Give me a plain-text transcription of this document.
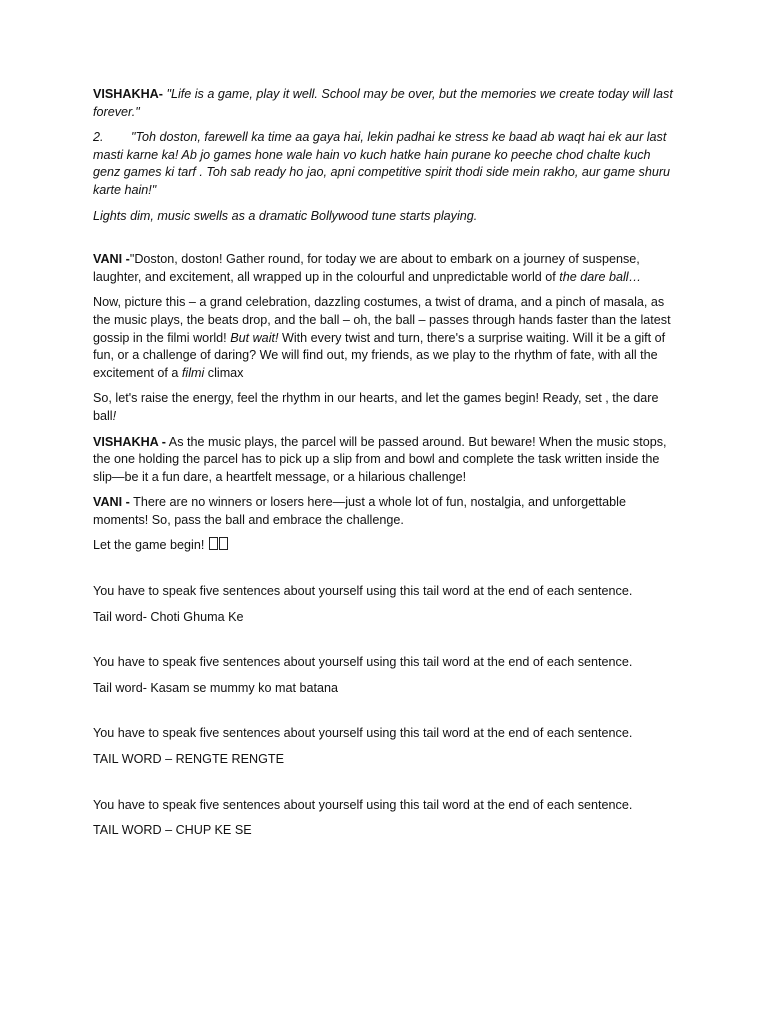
VISHAKHA- "Life is a game, play it well. School may be over, but the memories we create today will last forever."

2. "Toh doston, farewell ka time aa gaya hai, lekin padhai ke stress ke baad ab waqt hai ek aur last masti karne ka! Ab jo games hone wale hain vo kuch hatke hain purane ko peeche chod chalte kuch genz games ki tarf . Toh sab ready ho jao, apni competitive spirit thodi side mein rakho, aur game shuru karte hain!"

Lights dim, music swells as a dramatic Bollywood tune starts playing.

VANI -"Doston, doston! Gather round, for today we are about to embark on a journey of suspense, laughter, and excitement, all wrapped up in the colourful and unpredictable world of the dare ball…

Now, picture this – a grand celebration, dazzling costumes, a twist of drama, and a pinch of masala, as the music plays, the beats drop, and the ball – oh, the ball – passes through hands faster than the latest gossip in the filmi world! But wait! With every twist and turn, there's a surprise waiting. Will it be a gift of fun, or a challenge of daring? We will find out, my friends, as we play to the rhythm of fate, with all the excitement of a filmi climax

So, let's raise the energy, feel the rhythm in our hearts, and let the games begin! Ready, set , the dare ball!

VISHAKHA - As the music plays, the parcel will be passed around. But beware! When the music stops, the one holding the parcel has to pick up a slip from and bowl and complete the task written inside the slip—be it a fun dare, a heartfelt message, or a hilarious challenge!

VANI - There are no winners or losers here—just a whole lot of fun, nostalgia, and unforgettable moments! So, pass the ball and embrace the challenge.

Let the game begin!

You have to speak five sentences about yourself using this tail word at the end of each sentence.

Tail word- Choti Ghuma Ke

You have to speak five sentences about yourself using this tail word at the end of each sentence.

Tail word- Kasam se mummy ko mat batana

You have to speak five sentences about yourself using this tail word at the end of each sentence.

TAIL WORD – RENGTE RENGTE

You have to speak five sentences about yourself using this tail word at the end of each sentence.

TAIL WORD – CHUP KE SE
